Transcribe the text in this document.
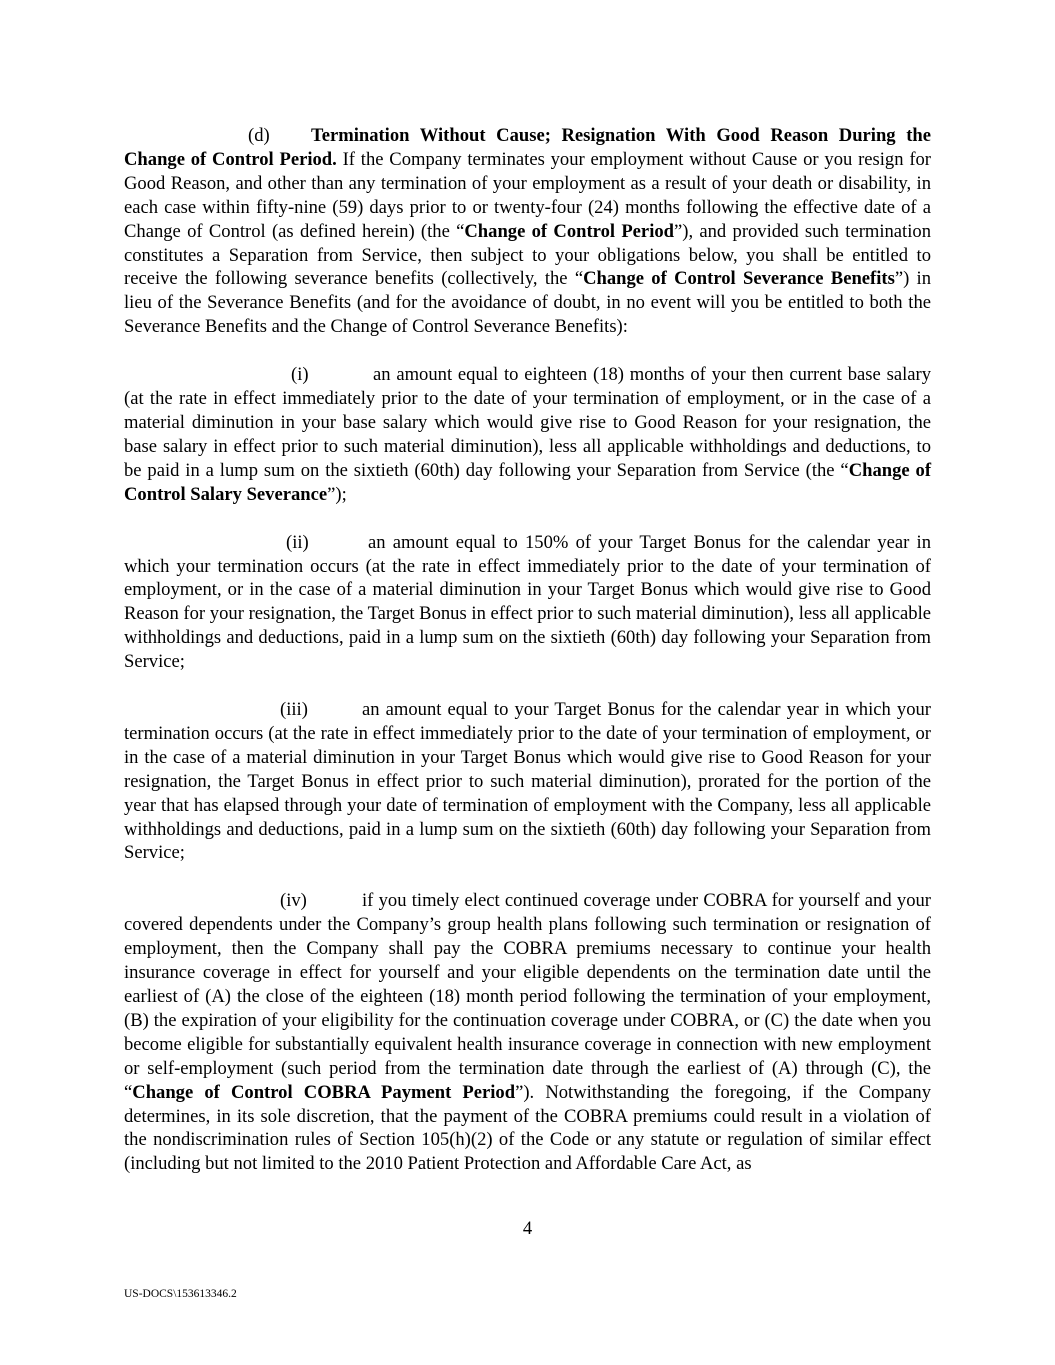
(d) Termination Without Cause; Resignation With Good Reason During the Change of Control Period. If the Company terminates your employment without Cause or you resign for Good Reason, and other than any termination of your employment as a result of your death or disability, in each case within fifty-nine (59) days prior to or twenty-four (24) months following the effective date of a Change of Control (as defined herein) (the “Change of Control Period”), and provided such termination constitutes a Separation from Service, then subject to your obligations below, you shall be entitled to receive the following severance benefits (collectively, the “Change of Control Severance Benefits”) in lieu of the Severance Benefits (and for the avoidance of doubt, in no event will you be entitled to both the Severance Benefits and the Change of Control Severance Benefits):

(i)	an amount equal to eighteen (18) months of your then current base salary (at the rate in effect immediately prior to the date of your termination of employment, or in the case of a material diminution in your base salary which would give rise to Good Reason for your resignation, the base salary in effect prior to such material diminution), less all applicable withholdings and deductions, to be paid in a lump sum on the sixtieth (60th) day following your Separation from Service (the “Change of Control Salary Severance”);

(ii)	an amount equal to 150% of your Target Bonus for the calendar year in which your termination occurs (at the rate in effect immediately prior to the date of your termination of employment, or in the case of a material diminution in your Target Bonus which would give rise to Good Reason for your resignation, the Target Bonus in effect prior to such material diminution), less all applicable withholdings and deductions, paid in a lump sum on the sixtieth (60th) day following your Separation from Service;

(iii)	an amount equal to your Target Bonus for the calendar year in which your termination occurs (at the rate in effect immediately prior to the date of your termination of employment, or in the case of a material diminution in your Target Bonus which would give rise to Good Reason for your resignation, the Target Bonus in effect prior to such material diminution), prorated for the portion of the year that has elapsed through your date of termination of employment with the Company, less all applicable withholdings and deductions, paid in a lump sum on the sixtieth (60th) day following your Separation from Service;

(iv)	if you timely elect continued coverage under COBRA for yourself and your covered dependents under the Company’s group health plans following such termination or resignation of employment, then the Company shall pay the COBRA premiums necessary to continue your health insurance coverage in effect for yourself and your eligible dependents on the termination date until the earliest of (A) the close of the eighteen (18) month period following the termination of your employment, (B) the expiration of your eligibility for the continuation coverage under COBRA, or (C) the date when you become eligible for substantially equivalent health insurance coverage in connection with new employment or self-employment (such period from the termination date through the earliest of (A) through (C), the “Change of Control COBRA Payment Period”). Notwithstanding the foregoing, if the Company determines, in its sole discretion, that the payment of the COBRA premiums could result in a violation of the nondiscrimination rules of Section 105(h)(2) of the Code or any statute or regulation of similar effect (including but not limited to the 2010 Patient Protection and Affordable Care Act, as

4
US-DOCS\153613346.2
